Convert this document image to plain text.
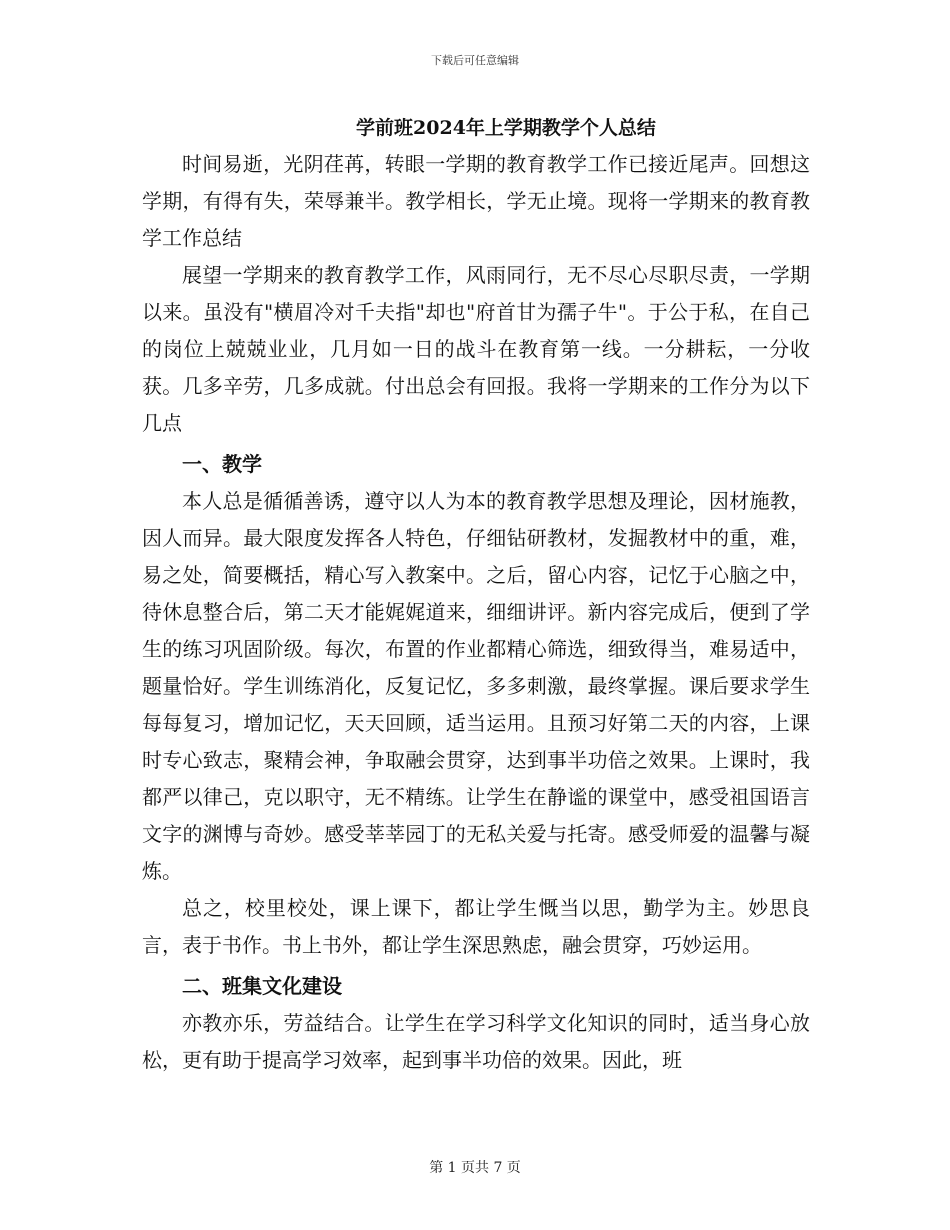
下载后可任意编辑
学前班2024年上学期教学个人总结

时间易逝，光阴荏苒，转眼一学期的教育教学工作已接近尾声。回想这学期，有得有失，荣辱兼半。教学相长，学无止境。现将一学期来的教育教学工作总结

展望一学期来的教育教学工作，风雨同行，无不尽心尽职尽责，一学期以来。虽没有"横眉冷对千夫指"却也"府首甘为孺子牛"。于公于私，在自己的岗位上兢兢业业，几月如一日的战斗在教育第一线。一分耕耘，一分收获。几多辛劳，几多成就。付出总会有回报。我将一学期来的工作分为以下几点

一、教学

本人总是循循善诱，遵守以人为本的教育教学思想及理论，因材施教，因人而异。最大限度发挥各人特色，仔细钻研教材，发掘教材中的重，难，易之处，简要概括，精心写入教案中。之后，留心内容，记忆于心脑之中，待休息整合后，第二天才能娓娓道来，细细讲评。新内容完成后，便到了学生的练习巩固阶级。每次，布置的作业都精心筛选，细致得当，难易适中，题量恰好。学生训练消化，反复记忆，多多刺激，最终掌握。课后要求学生每每复习，增加记忆，天天回顾，适当运用。且预习好第二天的内容，上课时专心致志，聚精会神，争取融会贯穿，达到事半功倍之效果。上课时，我都严以律己，克以职守，无不精练。让学生在静谧的课堂中，感受祖国语言文字的渊博与奇妙。感受莘莘园丁的无私关爱与托寄。感受师爱的温馨与凝炼。

总之，校里校处，课上课下，都让学生慨当以思，勤学为主。妙思良言，表于书作。书上书外，都让学生深思熟虑，融会贯穿，巧妙运用。

二、班集文化建设

亦教亦乐，劳益结合。让学生在学习科学文化知识的同时，适当身心放松，更有助于提高学习效率，起到事半功倍的效果。因此，班

第 1 页共 7 页
